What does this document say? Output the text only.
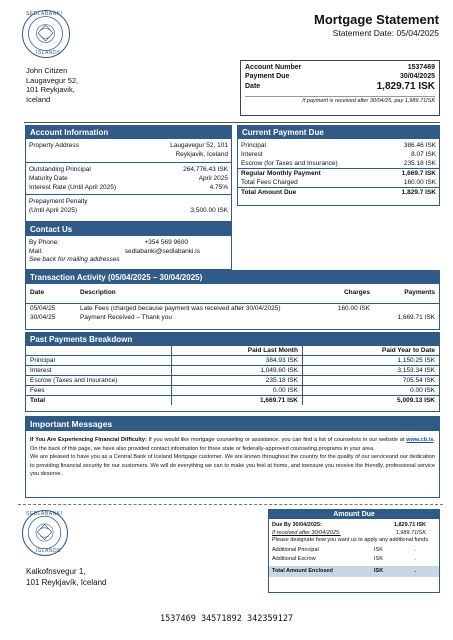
SEDLABANKI
ISLANDS
Mortgage Statement
Statement Date: 05/04/2025
John Citizen
Laugavegur 52,
101 Reykjavik,
Iceland
Account Number	1537469
Payment Due	30/04/2025
Date	1,829.71 ISK
If payment is received after 30/04/25, pay 1,989.71ISK
Account Information
Property Address	Laugavegur 52, 101
Reykjavik, Iceland
Outstanding Principal	264,776.43 ISK
Maturity Date	April 2025
Interest Rate (Until April 2025)	4.75%
Prepayment Penalty
(Until April 2025)	3,500.00 ISK
Contact Us
By Phone:	+354 569 9600
Mail:	sedlabanki@sedlabanki.is
See back for mailing addresses
Current Payment Due
Principal	386.46 ISK
Interest	8.07 ISK
Escrow (for Taxes and Insurance)	235.18 ISK
Regular Monthly Payment	1,669.7 ISK
Total Fees Charged	160.00 ISK
Total Amount Due	1,829.7 ISK
Transaction Activity (05/04/2025 – 30/04/2025)
Date	Description	Charges	Payments

05/04/25	Late Fees (charged because payment was received after 30/04/2025)	160.00 ISK	
30/04/25	Payment Received – Thank you		1,669.71 ISK
Past Payments Breakdown
	Paid Last Month	Paid Year to Date
Principal	384.93 ISK	1,150.25 ISK
Interest	1,049.60 ISK	3,153.34 ISK
Escrow (Taxes and Insurance)	235.18 ISK	705.54 ISK
Fees	0.00 ISK	0.00 ISK
Total	1,669.71 ISK	5,009.13 ISK
Important Messages

If You Are Experiencing Financial Difficulty: If you would like mortgage counseling or assistance, you can find a list of counselors in our website at www.cb.is. On the back of this page, we have also provided contact information for three state or federally-approved counseling programs in your area.

We are pleased to have you as a Central Bank of Iceland Mortgage customer. We are known throughout the country for the quality of our serviceand our dedication to providing financial security for our customers. We will do everything we can to make you feel at home, and toensure you receive the friendly, professional service you deserve.

SEDLABANKI
ISLANDS
Kalkofnsvegur 1,
101 Reykjavík, Iceland
Amount Due
Due By 30/04/2025:	1,829.71 ISK
If received after 30/04/2025:	1,989.71ISK
Please designate how you want us to apply any additional funds.
Additional Principal	ISK	.
Additional Escrow	ISK	.
Total Amount Enclosed	ISK	.
1537469 34571892 342359127
